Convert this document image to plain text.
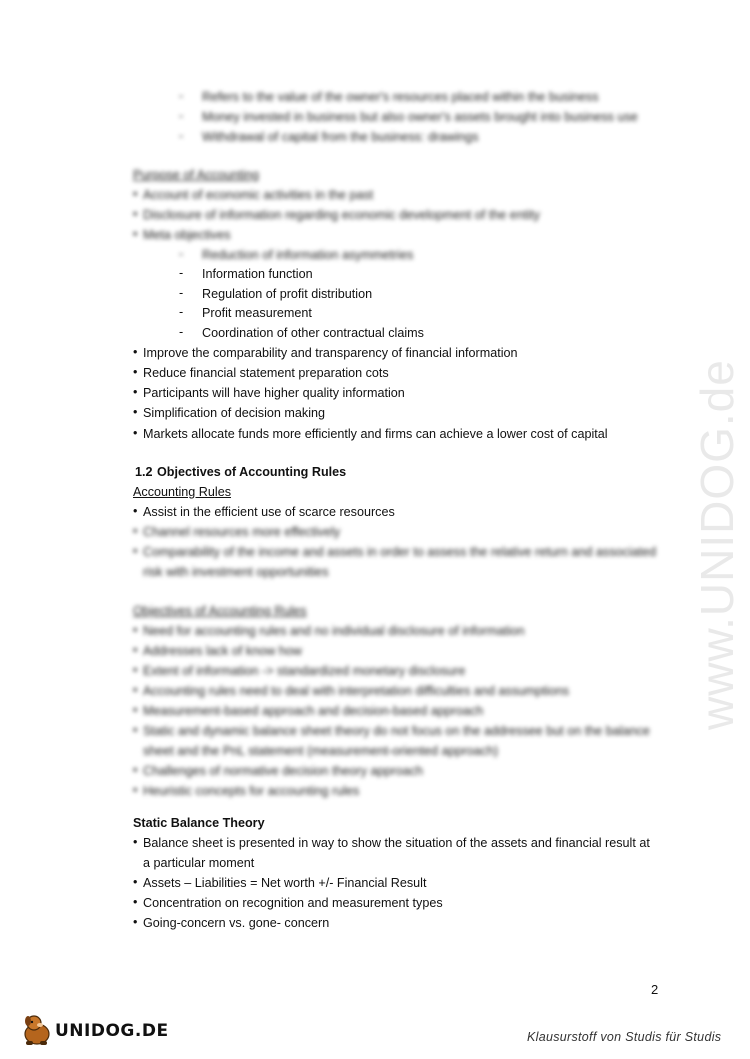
www.UNIDOG.de
- Refers to the value of the owner's resources placed within the business
- Money invested in business but also owner's assets brought into business use
- Withdrawal of capital from the business: drawings
Purpose of Accounting
• Account of economic activities in the past
• Disclosure of information regarding economic development of the entity
• Meta objectives
- Reduction of information asymmetries
- Information function
- Regulation of profit distribution
- Profit measurement
- Coordination of other contractual claims
• Improve the comparability and transparency of financial information
• Reduce financial statement preparation cots
• Participants will have higher quality information
• Simplification of decision making
• Markets allocate funds more efficiently and firms can achieve a lower cost of capital
1.2 Objectives of Accounting Rules
Accounting Rules
• Assist in the efficient use of scarce resources
• Channel resources more effectively
• Comparability of the income and assets in order to assess the relative return and associated
risk with investment opportunities
Objectives of Accounting Rules
• Need for accounting rules and no individual disclosure of information
• Addresses lack of know how
• Extent of information -> standardized monetary disclosure
• Accounting rules need to deal with interpretation difficulties and assumptions
• Measurement-based approach and decision-based approach
• Static and dynamic balance sheet theory do not focus on the addressee but on the balance
sheet and the PnL statement (measurement-oriented approach)
• Challenges of normative decision theory approach
• Heuristic concepts for accounting rules
Static Balance Theory
• Balance sheet is presented in way to show the situation of the assets and financial result at
a particular moment
• Assets – Liabilities = Net worth +/- Financial Result
• Concentration on recognition and measurement types
• Going-concern vs. gone- concern
2
UNIDOG.DE	Klausurstoff von Studis für Studis
